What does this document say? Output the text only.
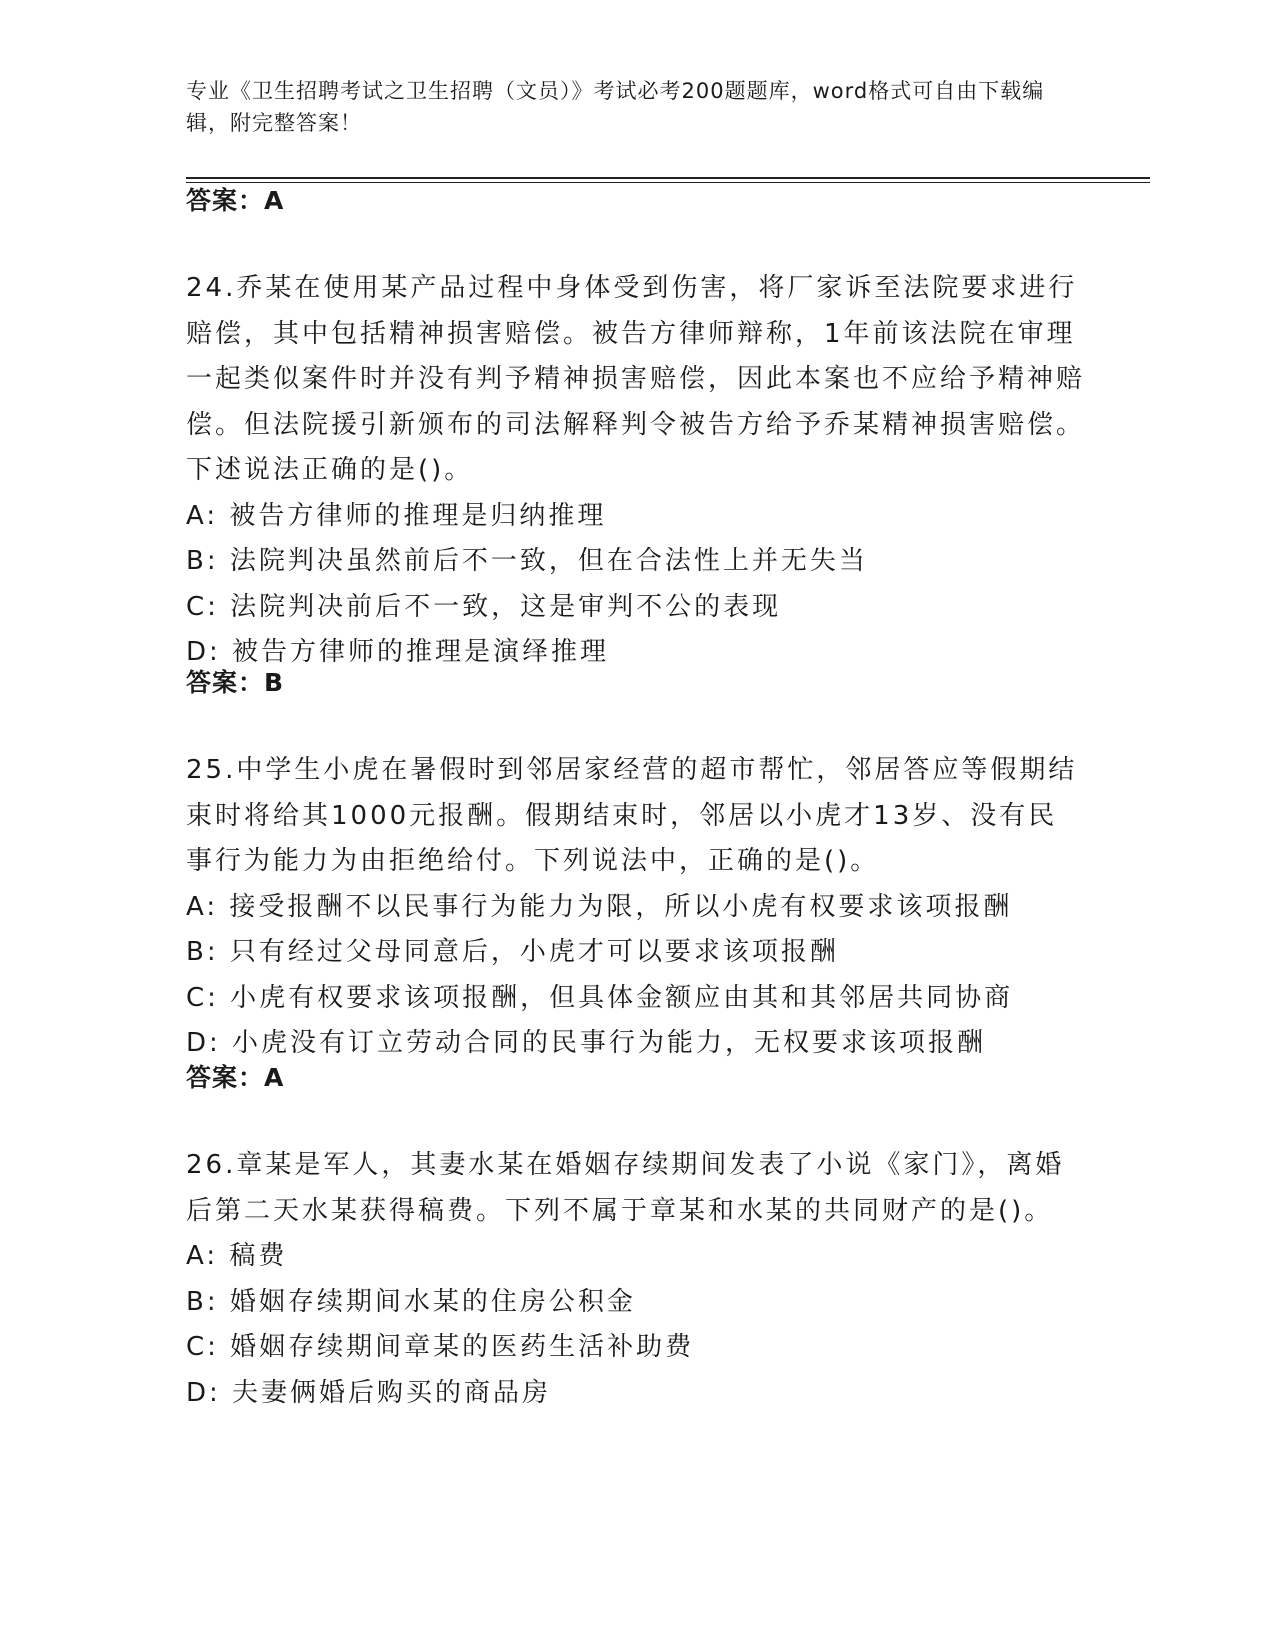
专业《卫生招聘考试之卫生招聘（文员）》考试必考200题题库，word格式可自由下载编辑，附完整答案！
答案：A
24.乔某在使用某产品过程中身体受到伤害，将厂家诉至法院要求进行赔偿，其中包括精神损害赔偿。被告方律师辩称，1年前该法院在审理一起类似案件时并没有判予精神损害赔偿，因此本案也不应给予精神赔偿。但法院援引新颁布的司法解释判令被告方给予乔某精神损害赔偿。下述说法正确的是()。
A: 被告方律师的推理是归纳推理
B: 法院判决虽然前后不一致，但在合法性上并无失当
C: 法院判决前后不一致，这是审判不公的表现
D: 被告方律师的推理是演绎推理
答案：B
25.中学生小虎在暑假时到邻居家经营的超市帮忙，邻居答应等假期结束时将给其1000元报酬。假期结束时，邻居以小虎才13岁、没有民事行为能力为由拒绝给付。下列说法中，正确的是()。
A: 接受报酬不以民事行为能力为限，所以小虎有权要求该项报酬
B: 只有经过父母同意后，小虎才可以要求该项报酬
C: 小虎有权要求该项报酬，但具体金额应由其和其邻居共同协商
D: 小虎没有订立劳动合同的民事行为能力，无权要求该项报酬
答案：A
26.章某是军人，其妻水某在婚姻存续期间发表了小说《家门》，离婚后第二天水某获得稿费。下列不属于章某和水某的共同财产的是()。
A: 稿费
B: 婚姻存续期间水某的住房公积金
C: 婚姻存续期间章某的医药生活补助费
D: 夫妻俩婚后购买的商品房
